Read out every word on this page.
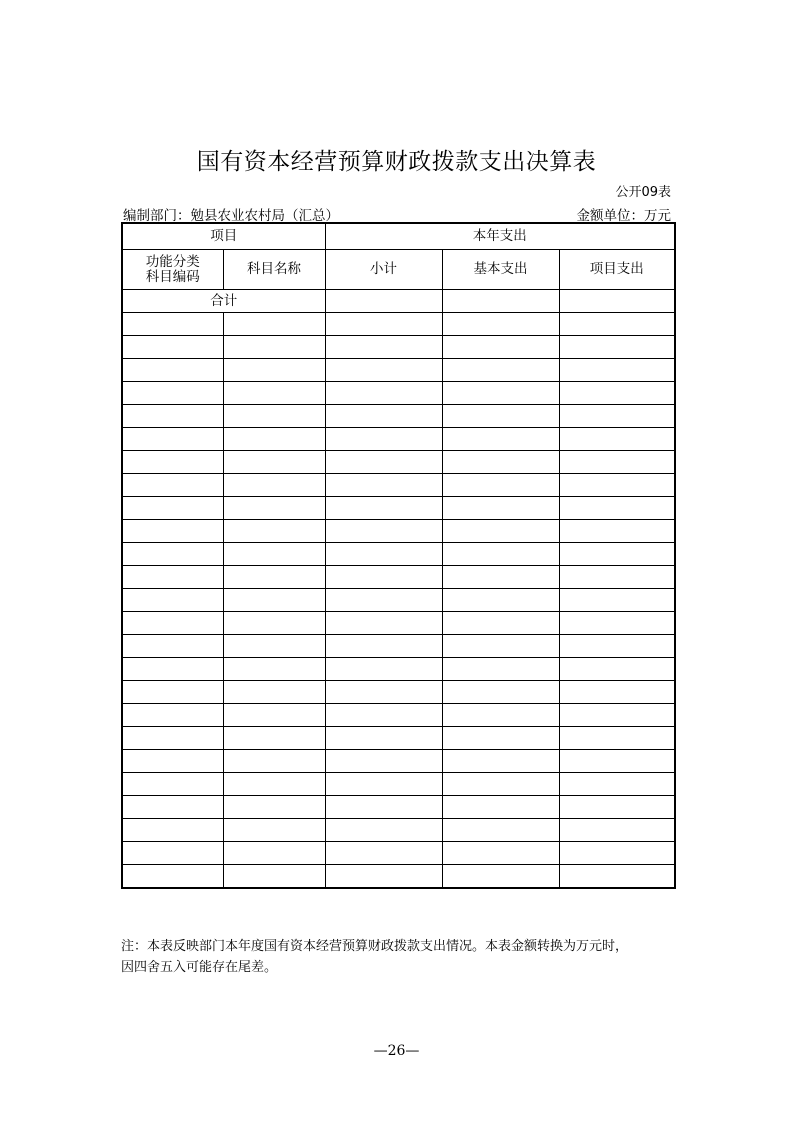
国有资本经营预算财政拨款支出决算表
公开09表
编制部门：勉县农业农村局（汇总）	金额单位：万元
项目		本年支出		
功能分类
科目编码	科目名称	小计	基本支出	项目支出
合计				

注：本表反映部门本年度国有资本经营预算财政拨款支出情况。本表金额转换为万元时，
因四舍五入可能存在尾差。
—26—
